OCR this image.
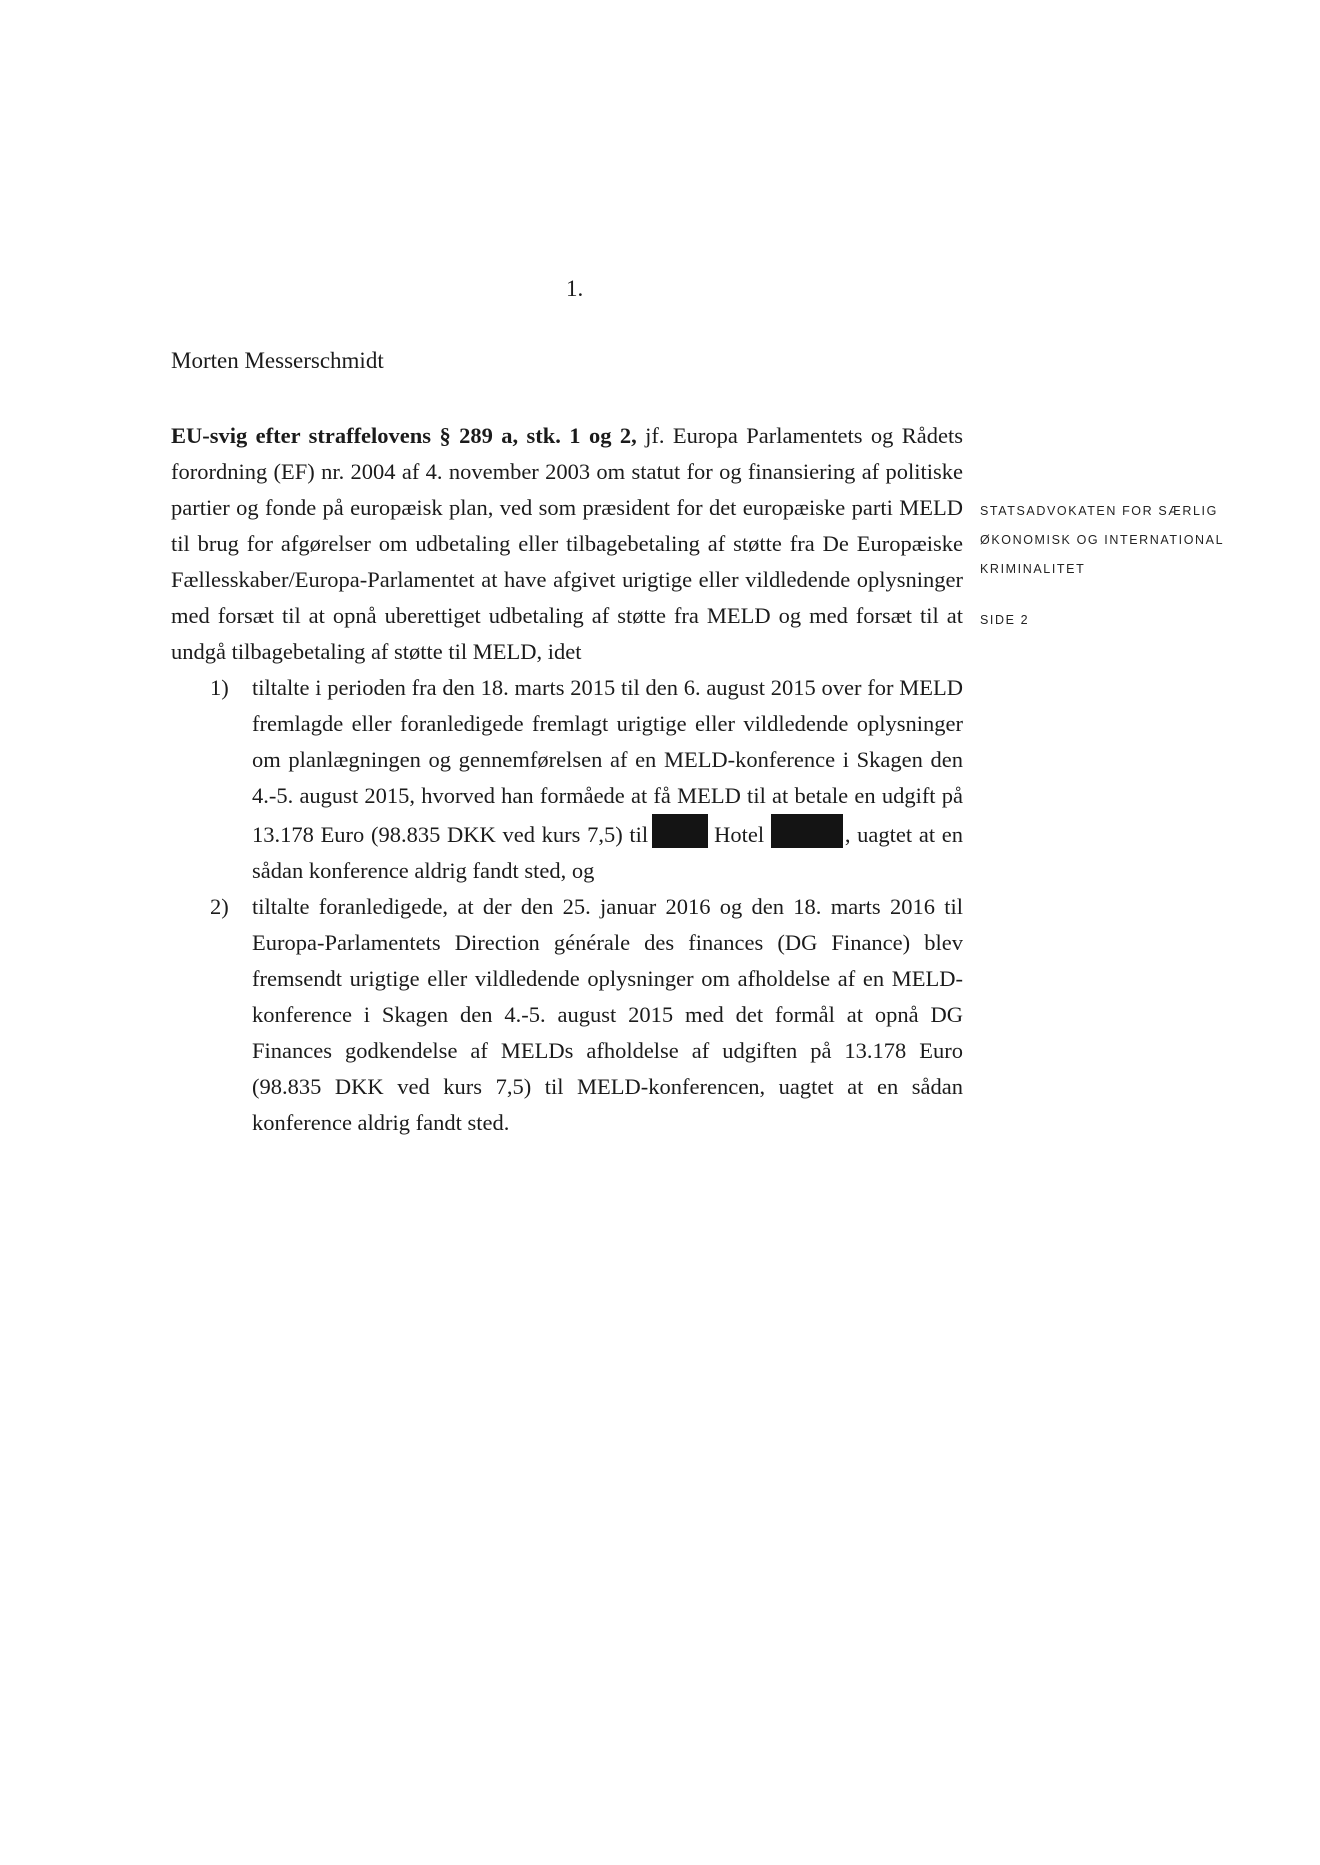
1.
Morten Messerschmidt
EU-svig efter straffelovens § 289 a, stk. 1 og 2, jf. Europa Parlamentets og Rådets forordning (EF) nr. 2004 af 4. november 2003 om statut for og finansiering af politiske partier og fonde på europæisk plan, ved som præsident for det europæiske parti MELD til brug for afgørelser om udbetaling eller tilbagebetaling af støtte fra De Europæiske Fællesskaber/Europa-Parlamentet at have afgivet urigtige eller vildledende oplysninger med forsæt til at opnå uberettiget udbetaling af støtte fra MELD og med forsæt til at undgå tilbagebetaling af støtte til MELD, idet
1) tiltalte i perioden fra den 18. marts 2015 til den 6. august 2015 over for MELD fremlagde eller foranledigede fremlagt urigtige eller vildledende oplysninger om planlægningen og gennemførelsen af en MELD-konference i Skagen den 4.-5. august 2015, hvorved han formåede at få MELD til at betale en udgift på 13.178 Euro (98.835 DKK ved kurs 7,5) til	Hotel	, uagtet at en sådan konference aldrig fandt sted, og
2) tiltalte foranledigede, at der den 25. januar 2016 og den 18. marts 2016 til Europa-Parlamentets Direction générale des finances (DG Finance) blev fremsendt urigtige eller vildledende oplysninger om afholdelse af en MELD-konference i Skagen den 4.-5. august 2015 med det formål at opnå DG Finances godkendelse af MELDs afholdelse af udgiften på 13.178 Euro (98.835 DKK ved kurs 7,5) til MELD-konferencen, uagtet at en sådan konference aldrig fandt sted.
STATSADVOKATEN FOR SÆRLIG
ØKONOMISK OG INTERNATIONAL
KRIMINALITET
SIDE 2
